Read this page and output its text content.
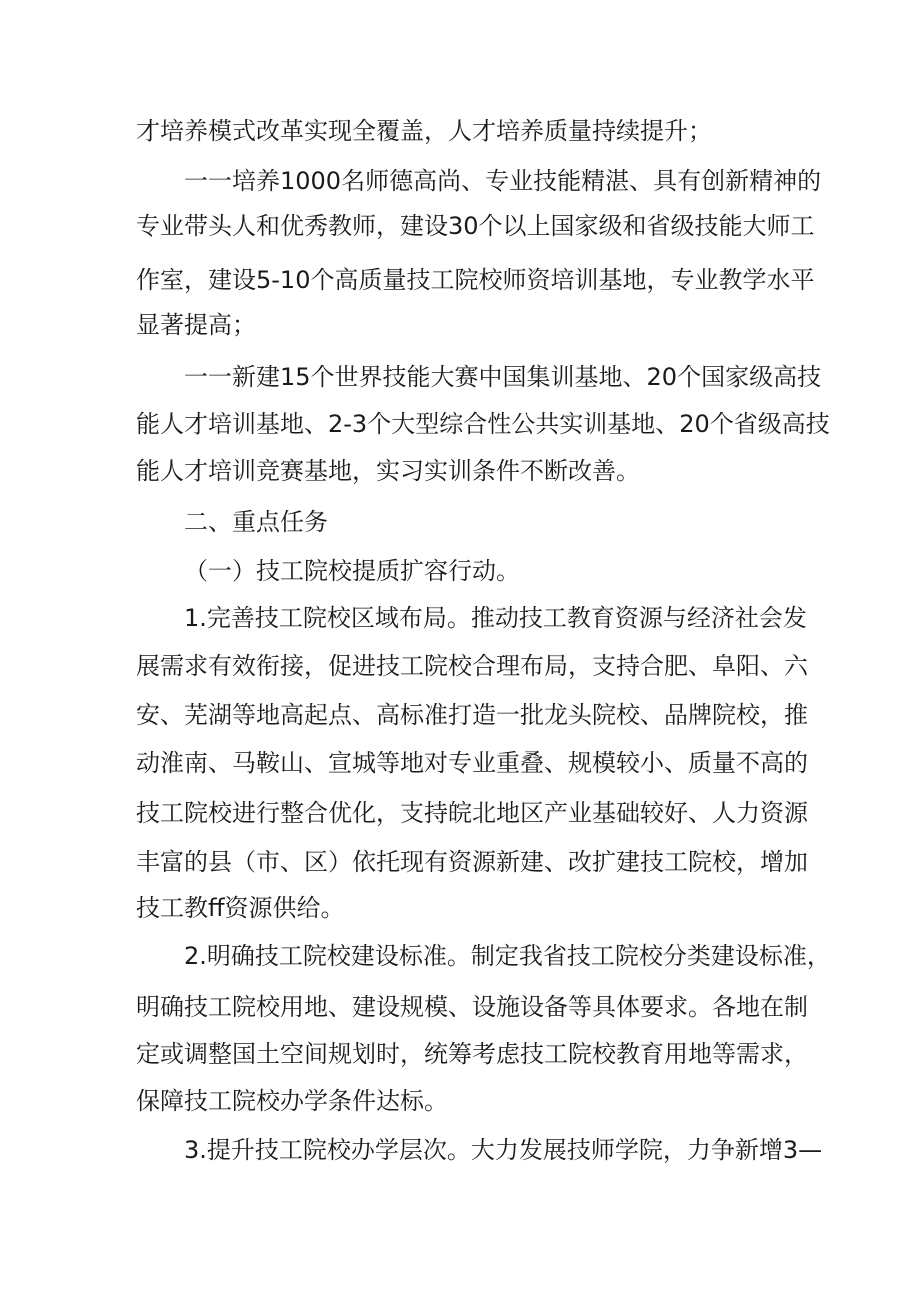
才培养模式改革实现全覆盖，人才培养质量持续提升；
一一培养1000名师德高尚、专业技能精湛、具有创新精神的
专业带头人和优秀教师，建设30个以上国家级和省级技能大师工
作室，建设5-10个高质量技工院校师资培训基地，专业教学水平
显著提高；
一一新建15个世界技能大赛中国集训基地、20个国家级高技
能人才培训基地、2-3个大型综合性公共实训基地、20个省级高技
能人才培训竞赛基地，实习实训条件不断改善。
二、重点任务
（一）技工院校提质扩容行动。
1.完善技工院校区域布局。推动技工教育资源与经济社会发
展需求有效衔接，促进技工院校合理布局，支持合肥、阜阳、六
安、芜湖等地高起点、高标准打造一批龙头院校、品牌院校，推
动淮南、马鞍山、宣城等地对专业重叠、规模较小、质量不高的
技工院校进行整合优化，支持皖北地区产业基础较好、人力资源
丰富的县（市、区）依托现有资源新建、改扩建技工院校，增加
技工教ff资源供给。
2.明确技工院校建设标准。制定我省技工院校分类建设标准，
明确技工院校用地、建设规模、设施设备等具体要求。各地在制
定或调整国土空间规划时，统筹考虑技工院校教育用地等需求，
保障技工院校办学条件达标。
3.提升技工院校办学层次。大力发展技师学院，力争新增3—
